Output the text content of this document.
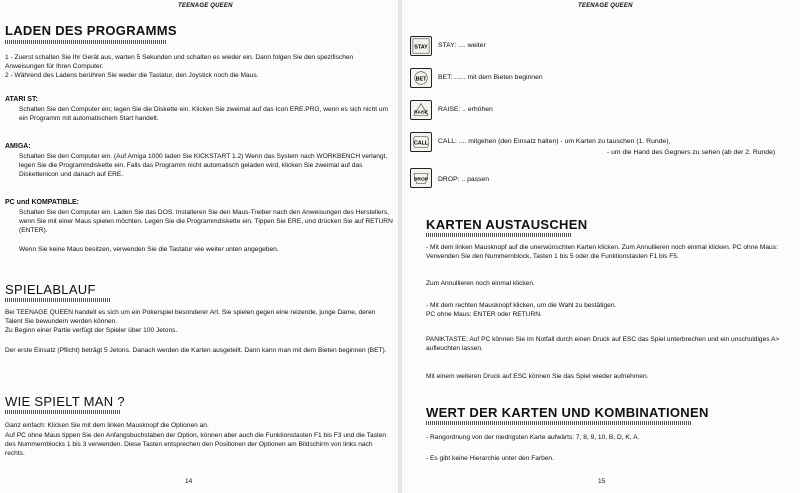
TEENAGE QUEEN
LADEN DES PROGRAMMS
1 - Zuerst schalten Sie Ihr Gerät aus, warten 5 Sekunden und schalten es wieder ein. Dann folgen Sie den spezifischen Anweisungen für Ihren Computer.
2 - Während des Ladens berühren Sie weder die Tastatur, den Joystick noch die Maus.
ATARI ST:
Schalten Sie den Computer ein; legen Sie die Diskette ein. Klicken Sie zweimal auf das Icon ERE.PRG, wenn es sich nicht um ein Programm mit automatischem Start handelt.
AMIGA:
Schalten Sie den Computer ein. (Auf Amiga 1000 laden Sie KICKSTART 1.2) Wenn das System nach WORKBENCH verlangt, legen Sie die Programmdiskette ein. Falls das Programm nicht automatisch geladen wird, klicken Sie zweimal auf das Diskettenicon und danach auf ERE.
PC und KOMPATIBLE:
Schalten Sie den Computer ein. Laden Sie das DOS. Installeren Sie den Maus-Treiber nach den Anweisungen des Herstellers, wenn Sie mit einer Maus spielen möchten. Legen Sie die Programmdiskette ein. Tippen Sie ERE, und drücken Sie auf RETURN (ENTER).
Wenn Sie keine Maus besitzen, verwenden Sie die Tastatur wie weiter unten angegeben.
SPIELABLAUF
Bei TEENAGE QUEEN handelt es sich um ein Pokerspiel besonderer Art. Sie spielen gegen eine reizende, junge Dame, deren Talent Sie bewundern werden können.
Zu Beginn einer Partie verfügt der Spieler über 100 Jetons.
Der erste Einsatz (Pflicht) beträgt 5 Jetons. Danach werden die Karten ausgeteilt. Dann kann man mit dem Bieten beginnen (BET).
WIE SPIELT MAN ?
Ganz einfach: Klicken Sie mit dem linken Mausknopf die Optionen an.
Auf PC ohne Maus tippen Sie den Anfangsbuchstaben der Option, können aber auch die Funktionstasten F1 bis F3 und die Tasten des Nummernblocks 1 bis 3 verwenden. Diese Tasten entsprechen den Positionen der Optionen am Bildschirm von links nach rechts.
14
TEENAGE QUEEN
STAY STAY: .... weiter
BET BET: ...... mit dem Bieten beginnen
RAISE RAISE: .. erhöhen
CALL CALL: .... mitgehen (den Einsatz halten) - um Karten zu tauschen (1. Runde),
- um die Hand des Gegners zu sehen (ab der 2. Runde)
DROP DROP: .. passen
KARTEN AUSTAUSCHEN
- Mit dem linken Mausknopf auf die unerwünschten Karten klicken. Zum Annullieren noch einmal klicken. PC ohne Maus: Verwenden Sie den Nummernblock, Tasten 1 bis 5 oder die Funktionstasten F1 bis F5.
Zum Annullieren noch einmal klicken.
- Mit dem rechten Mausknopf klicken, um die Wahl zu bestätigen.
PC ohne Maus: ENTER oder RETURN.
PANIKTASTE: Auf PC können Sie im Notfall durch einen Druck auf ESC das Spiel unterbrechen und ein unschuldiges A> aufleuchten lassen.
Mit einem weiteren Druck auf ESC können Sie das Spiel wieder aufnehmen.
WERT DER KARTEN UND KOMBINATIONEN
- Rangordnung von der niedrigsten Karte aufwärts: 7, 8, 9, 10, B, D, K, A.
- Es gibt keine Hierarchie unter den Farben.
15
